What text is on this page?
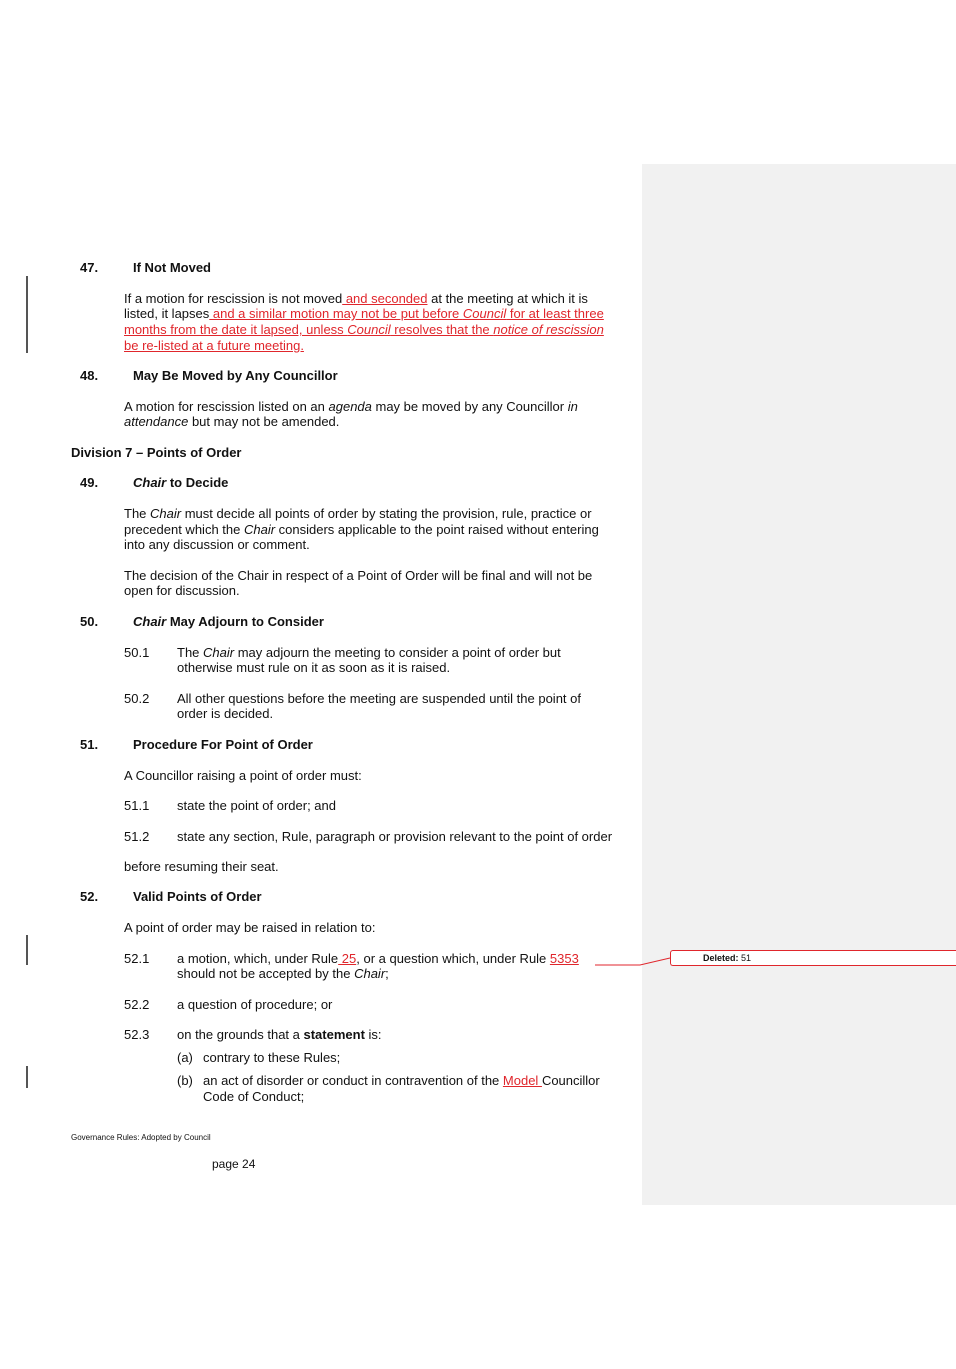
47.	If Not Moved
If a motion for rescission is not moved and seconded at the meeting at which it is
listed, it lapses and a similar motion may not be put before Council for at least three
months from the date it lapsed, unless Council resolves that the notice of rescission
be re-listed at a future meeting.
48.	May Be Moved by Any Councillor
A motion for rescission listed on an agenda may be moved by any Councillor in
attendance but may not be amended.
Division 7 – Points of Order
49.	Chair to Decide
The Chair must decide all points of order by stating the provision, rule, practice or
precedent which the Chair considers applicable to the point raised without entering
into any discussion or comment.
The decision of the Chair in respect of a Point of Order will be final and will not be
open for discussion.
50.	Chair May Adjourn to Consider
50.1 The Chair may adjourn the meeting to consider a point of order but
otherwise must rule on it as soon as it is raised.
50.2 All other questions before the meeting are suspended until the point of
order is decided.
51.	Procedure For Point of Order
A Councillor raising a point of order must:
51.1 state the point of order; and
51.2 state any section, Rule, paragraph or provision relevant to the point of order
before resuming their seat.
52.	Valid Points of Order
A point of order may be raised in relation to:
52.1 a motion, which, under Rule 25, or a question which, under Rule 5353
should not be accepted by the Chair;
52.2 a question of procedure; or
52.3 on the grounds that a statement is:
(a) contrary to these Rules;
(b) an act of disorder or conduct in contravention of the Model Councillor
Code of Conduct;
Governance Rules: Adopted by Council
page 24
Deleted: 51
